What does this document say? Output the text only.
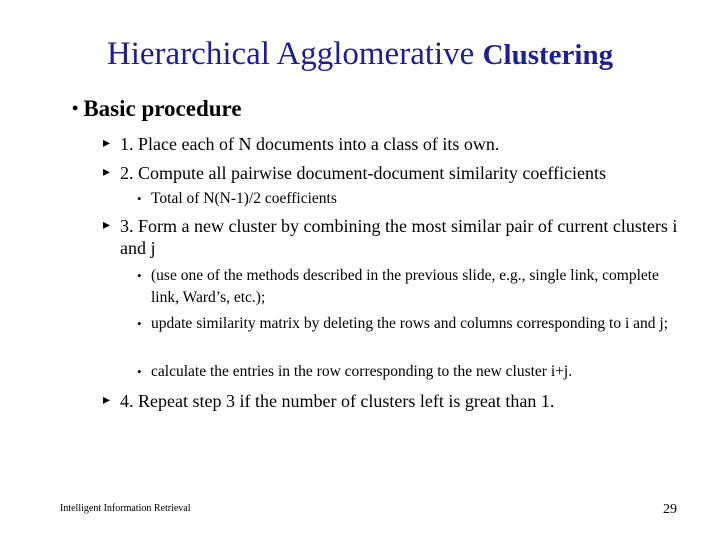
Hierarchical Agglomerative Clustering
• Basic procedure
▸ 1. Place each of N documents into a class of its own.
▸ 2. Compute all pairwise document-document similarity coefficients
• Total of N(N-1)/2 coefficients
▸ 3. Form a new cluster by combining the most similar pair of current clusters i and j
• (use one of the methods described in the previous slide, e.g., single link, complete link, Ward’s, etc.);
• update similarity matrix by deleting the rows and columns corresponding to i and j;
• calculate the entries in the row corresponding to the new cluster i+j.
▸ 4. Repeat step 3 if the number of clusters left is great than 1.
Intelligent Information Retrieval	29
